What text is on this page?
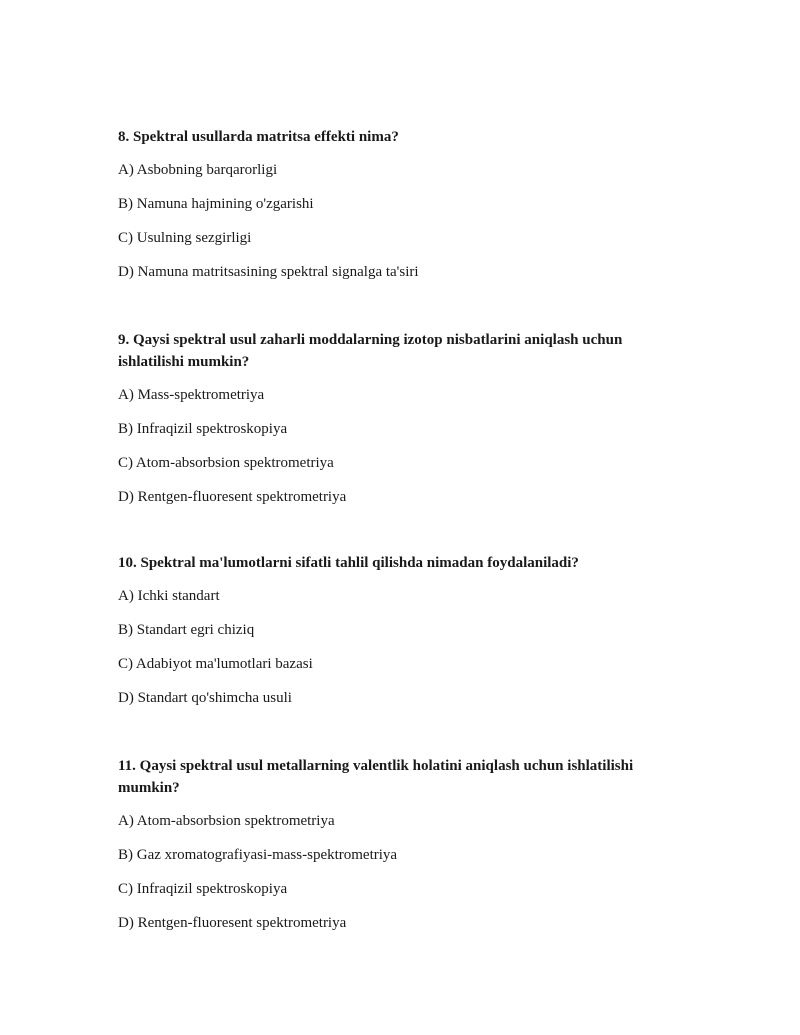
8. Spektral usullarda matritsa effekti nima?

A) Asbobning barqarorligi

B) Namuna hajmining o'zgarishi

C) Usulning sezgirligi

D) Namuna matritsasining spektral signalga ta'siri

9. Qaysi spektral usul zaharli moddalarning izotop nisbatlarini aniqlash uchun ishlatilishi mumkin?

A) Mass-spektrometriya

B) Infraqizil spektroskopiya

C) Atom-absorbsion spektrometriya

D) Rentgen-fluoresent spektrometriya

10. Spektral ma'lumotlarni sifatli tahlil qilishda nimadan foydalaniladi?

A) Ichki standart

B) Standart egri chiziq

C) Adabiyot ma'lumotlari bazasi

D) Standart qo'shimcha usuli

11. Qaysi spektral usul metallarning valentlik holatini aniqlash uchun ishlatilishi mumkin?

A) Atom-absorbsion spektrometriya

B) Gaz xromatografiyasi-mass-spektrometriya

C) Infraqizil spektroskopiya

D) Rentgen-fluoresent spektrometriya
